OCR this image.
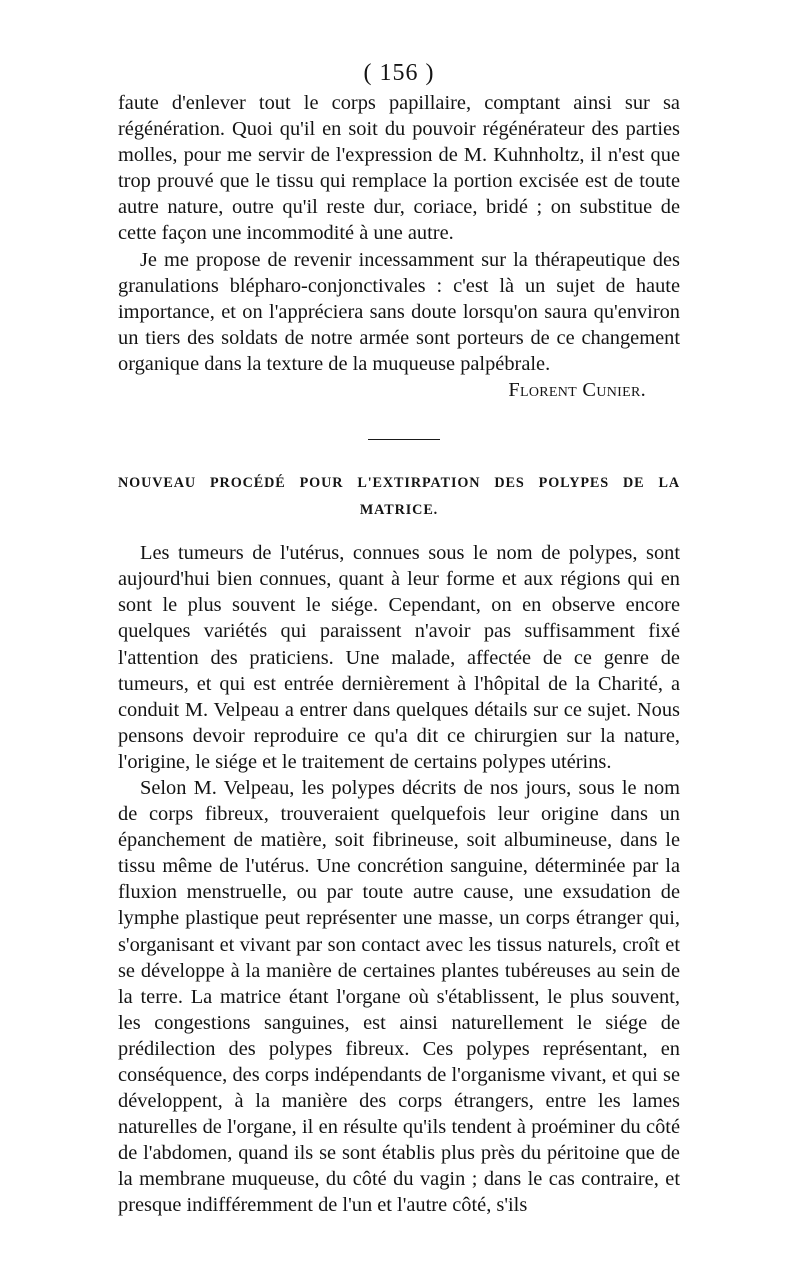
( 156 )

faute d'enlever tout le corps papillaire, comptant ainsi sur sa régénération. Quoi qu'il en soit du pouvoir régénérateur des parties molles, pour me servir de l'expression de M. Kuhnholtz, il n'est que trop prouvé que le tissu qui remplace la portion excisée est de toute autre nature, outre qu'il reste dur, coriace, bridé ; on substitue de cette façon une incommodité à une autre.

Je me propose de revenir incessamment sur la thérapeutique des granulations blépharo-conjonctivales : c'est là un sujet de haute importance, et on l'appréciera sans doute lorsqu'on saura qu'environ un tiers des soldats de notre armée sont porteurs de ce changement organique dans la texture de la muqueuse palpébrale.

Florent Cunier.
NOUVEAU PROCÉDÉ POUR L'EXTIRPATION DES POLYPES DE LA
MATRICE.

Les tumeurs de l'utérus, connues sous le nom de polypes, sont aujourd'hui bien connues, quant à leur forme et aux régions qui en sont le plus souvent le siége. Cependant, on en observe encore quelques variétés qui paraissent n'avoir pas suffisamment fixé l'attention des praticiens. Une malade, affectée de ce genre de tumeurs, et qui est entrée dernièrement à l'hôpital de la Charité, a conduit M. Velpeau a entrer dans quelques détails sur ce sujet. Nous pensons devoir reproduire ce qu'a dit ce chirurgien sur la nature, l'origine, le siége et le traitement de certains polypes utérins.

Selon M. Velpeau, les polypes décrits de nos jours, sous le nom de corps fibreux, trouveraient quelquefois leur origine dans un épanchement de matière, soit fibrineuse, soit albumineuse, dans le tissu même de l'utérus. Une concrétion sanguine, déterminée par la fluxion menstruelle, ou par toute autre cause, une exsudation de lymphe plastique peut représenter une masse, un corps étranger qui, s'organisant et vivant par son contact avec les tissus naturels, croît et se développe à la manière de certaines plantes tubéreuses au sein de la terre. La matrice étant l'organe où s'établissent, le plus souvent, les congestions sanguines, est ainsi naturellement le siége de prédilection des polypes fibreux. Ces polypes représentant, en conséquence, des corps indépendants de l'organisme vivant, et qui se développent, à la manière des corps étrangers, entre les lames naturelles de l'organe, il en résulte qu'ils tendent à proéminer du côté de l'abdomen, quand ils se sont établis plus près du péritoine que de la membrane muqueuse, du côté du vagin ; dans le cas contraire, et presque indifféremment de l'un et l'autre côté, s'ils
